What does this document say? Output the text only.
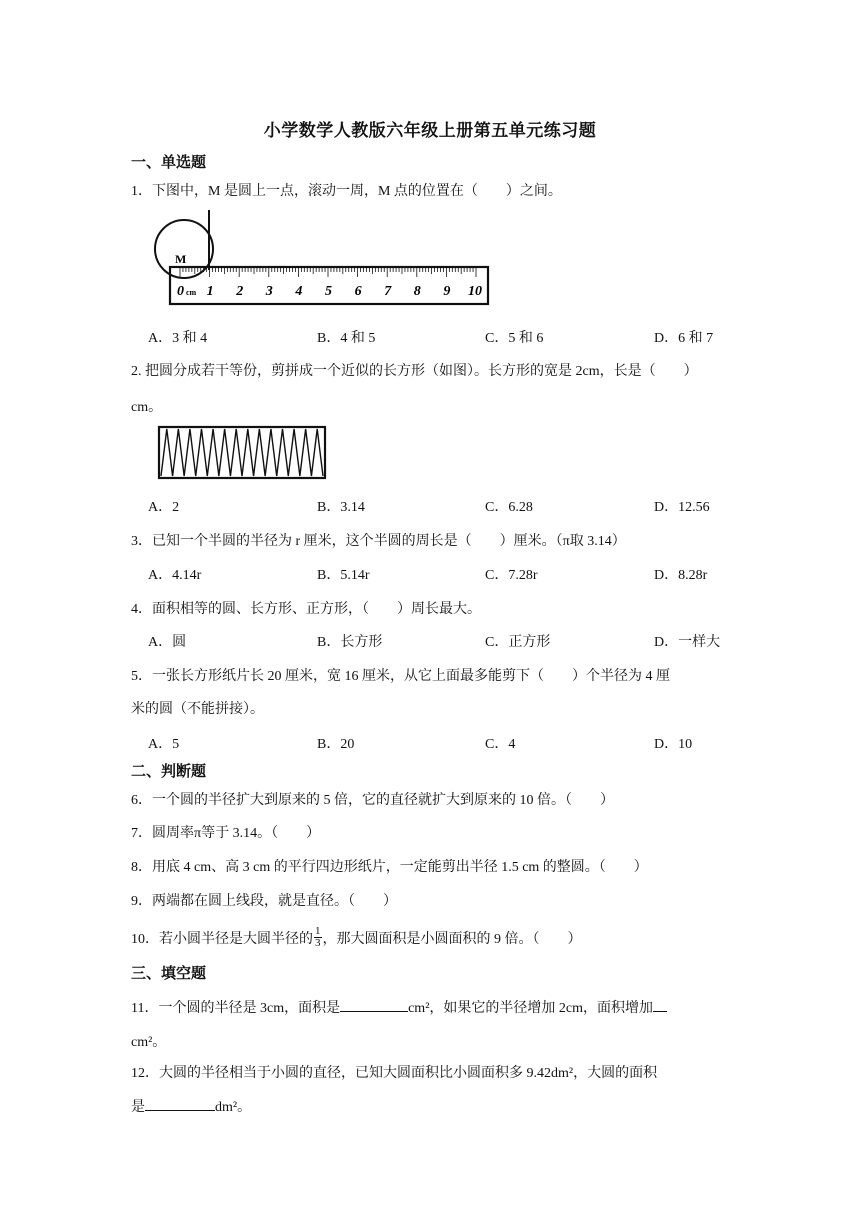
小学数学人教版六年级上册第五单元练习题
一、单选题
1．下图中，M 是圆上一点，滚动一周，M 点的位置在（　　）之间。
M
0 1 2 3 4 5 6 7 8 9 10
cm
A．3 和 4	B．4 和 5	C．5 和 6	D．6 和 7
2. 把圆分成若干等份，剪拼成一个近似的长方形（如图）。长方形的宽是 2cm，长是（　　）
cm。
A．2	B．3.14	C．6.28	D．12.56
3．已知一个半圆的半径为 r 厘米，这个半圆的周长是（　　）厘米。（π取 3.14）
A．4.14r	B．5.14r	C．7.28r	D．8.28r
4．面积相等的圆、长方形、正方形，（　　）周长最大。
A．圆	B．长方形	C．正方形	D．一样大
5．一张长方形纸片长 20 厘米，宽 16 厘米，从它上面最多能剪下（　　）个半径为 4 厘
米的圆（不能拼接）。
A．5	B．20	C．4	D．10
二、判断题
6．一个圆的半径扩大到原来的 5 倍，它的直径就扩大到原来的 10 倍。（　　）
7．圆周率π等于 3.14。（　　）
8．用底 4 cm、高 3 cm 的平行四边形纸片，一定能剪出半径 1.5 cm 的整圆。（　　）
9．两端都在圆上线段，就是直径。（　　）
10．若小圆半径是大圆半径的 $\frac{1}{3}$ ，那大圆面积是小圆面积的 9 倍。（　　）
三、填空题
11．一个圆的半径是 3cm，面积是	cm²，如果它的半径增加 2cm，面积增加
cm²。
12．大圆的半径相当于小圆的直径，已知大圆面积比小圆面积多 9.42dm²，大圆的面积
是	dm²。
